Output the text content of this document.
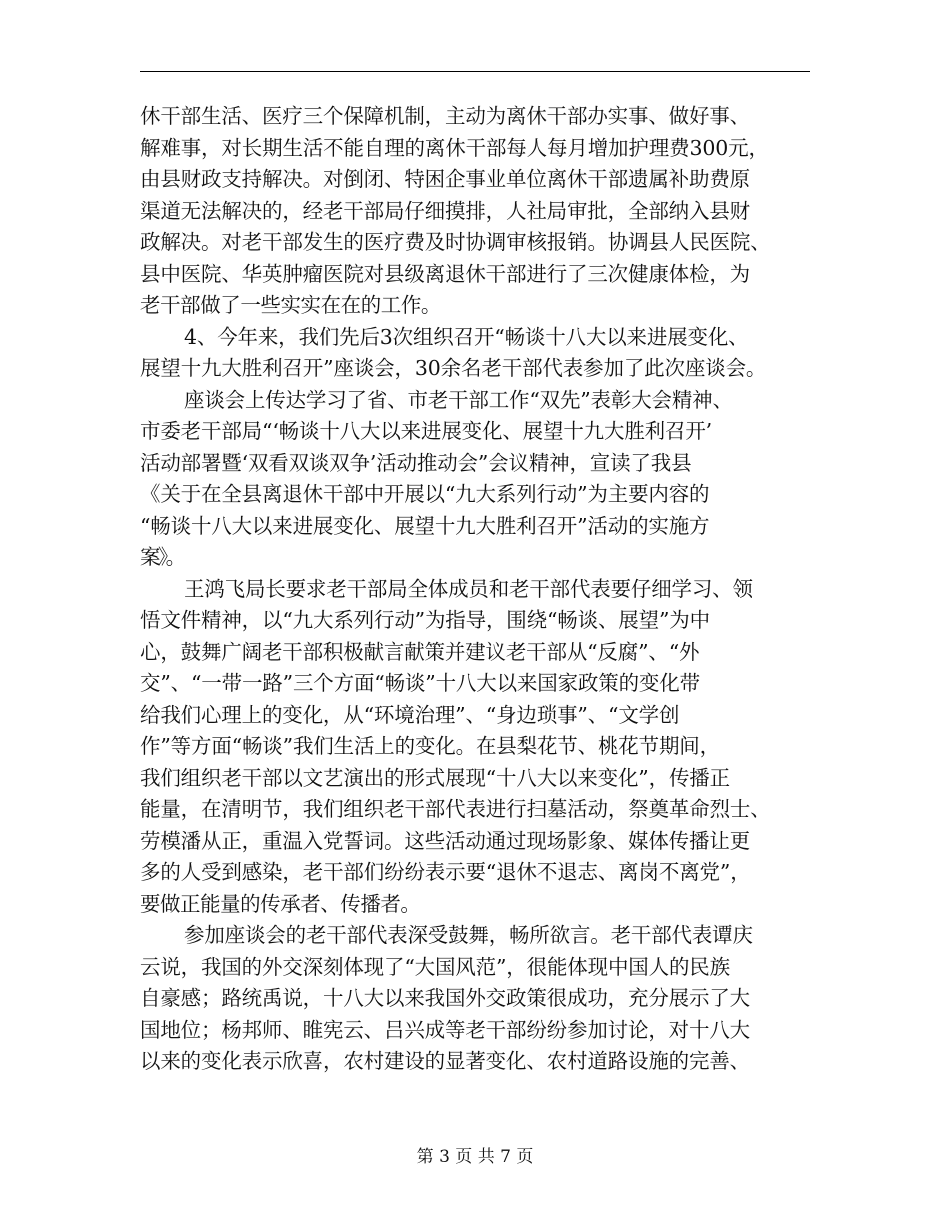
休干部生活、医疗三个保障机制，主动为离休干部办实事、做好事、
解难事，对长期生活不能自理的离休干部每人每月增加护理费300元，
由县财政支持解决。对倒闭、特困企事业单位离休干部遗属补助费原
渠道无法解决的，经老干部局仔细摸排，人社局审批，全部纳入县财
政解决。对老干部发生的医疗费及时协调审核报销。协调县人民医院、
县中医院、华英肿瘤医院对县级离退休干部进行了三次健康体检，为
老干部做了一些实实在在的工作。
4、今年来，我们先后3次组织召开“畅谈十八大以来进展变化、
展望十九大胜利召开”座谈会，30余名老干部代表参加了此次座谈会。
座谈会上传达学习了省、市老干部工作“双先”表彰大会精神、
市委老干部局“‘畅谈十八大以来进展变化、展望十九大胜利召开’
活动部署暨‘双看双谈双争’活动推动会”会议精神，宣读了我县
《关于在全县离退休干部中开展以“九大系列行动”为主要内容的
“畅谈十八大以来进展变化、展望十九大胜利召开”活动的实施方
案》。
王鸿飞局长要求老干部局全体成员和老干部代表要仔细学习、领
悟文件精神，以“九大系列行动”为指导，围绕“畅谈、展望”为中
心，鼓舞广阔老干部积极献言献策并建议老干部从“反腐”、“外
交”、“一带一路”三个方面“畅谈”十八大以来国家政策的变化带
给我们心理上的变化，从“环境治理”、“身边琐事”、“文学创
作”等方面“畅谈”我们生活上的变化。在县梨花节、桃花节期间，
我们组织老干部以文艺演出的形式展现“十八大以来变化”，传播正
能量，在清明节，我们组织老干部代表进行扫墓活动，祭奠革命烈士、
劳模潘从正，重温入党誓词。这些活动通过现场影象、媒体传播让更
多的人受到感染，老干部们纷纷表示要“退休不退志、离岗不离党”，
要做正能量的传承者、传播者。
参加座谈会的老干部代表深受鼓舞，畅所欲言。老干部代表谭庆
云说，我国的外交深刻体现了“大国风范”，很能体现中国人的民族
自豪感；路统禹说，十八大以来我国外交政策很成功，充分展示了大
国地位；杨邦师、睢宪云、吕兴成等老干部纷纷参加讨论，对十八大
以来的变化表示欣喜，农村建设的显著变化、农村道路设施的完善、
第 3 页 共 7 页
